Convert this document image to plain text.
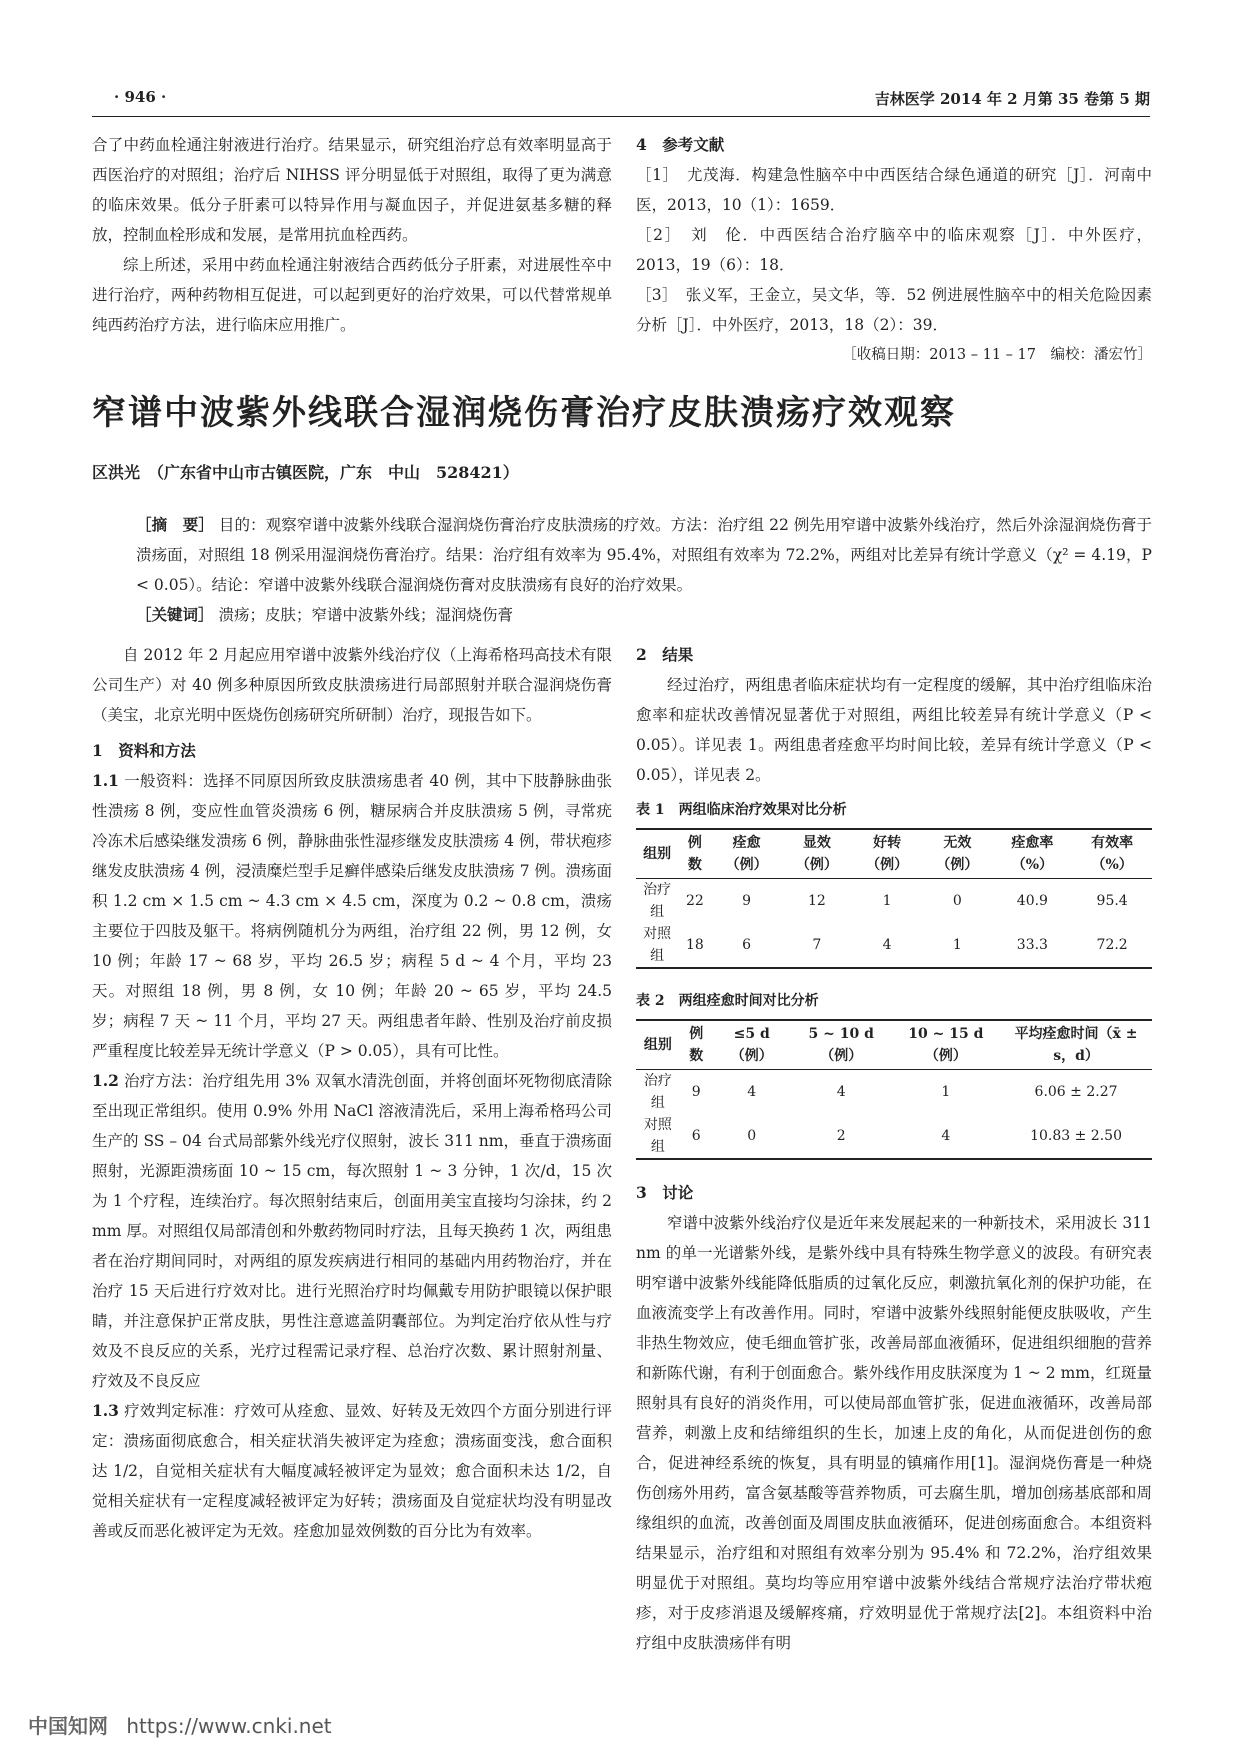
· 946 ·	吉林医学 2014 年 2 月第 35 卷第 5 期

合了中药血栓通注射液进行治疗。结果显示，研究组治疗总有效率明显高于西医治疗的对照组；治疗后 NIHSS 评分明显低于对照组，取得了更为满意的临床效果。低分子肝素可以特异作用与凝血因子，并促进氨基多糖的释放，控制血栓形成和发展，是常用抗血栓西药。

综上所述，采用中药血栓通注射液结合西药低分子肝素，对进展性卒中进行治疗，两种药物相互促进，可以起到更好的治疗效果，可以代替常规单纯西药治疗方法，进行临床应用推广。

4　参考文献

［1］　尤茂海．构建急性脑卒中中西医结合绿色通道的研究［J］．河南中医，2013，10（1）：1659．

［2］　刘　伦．中西医结合治疗脑卒中的临床观察［J］．中外医疗，2013，19（6）：18．

［3］　张义军，王金立，吴文华，等．52 例进展性脑卒中的相关危险因素分析［J］．中外医疗，2013，18（2）：39．

［收稿日期：2013 – 11 – 17　编校：潘宏竹］

窄谱中波紫外线联合湿润烧伤膏治疗皮肤溃疡疗效观察
区洪光　（广东省中山市古镇医院，广东　中山　528421）

［摘　要］ 目的：观察窄谱中波紫外线联合湿润烧伤膏治疗皮肤溃疡的疗效。方法：治疗组 22 例先用窄谱中波紫外线治疗，然后外涂湿润烧伤膏于溃疡面，对照组 18 例采用湿润烧伤膏治疗。结果：治疗组有效率为 95.4%，对照组有效率为 72.2%，两组对比差异有统计学意义（χ² = 4.19，P < 0.05）。结论：窄谱中波紫外线联合湿润烧伤膏对皮肤溃疡有良好的治疗效果。

［关键词］ 溃疡；皮肤；窄谱中波紫外线；湿润烧伤膏

自 2012 年 2 月起应用窄谱中波紫外线治疗仪（上海希格玛高技术有限公司生产）对 40 例多种原因所致皮肤溃疡进行局部照射并联合湿润烧伤膏（美宝，北京光明中医烧伤创疡研究所研制）治疗，现报告如下。

1　资料和方法

1.1 一般资料：选择不同原因所致皮肤溃疡患者 40 例，其中下肢静脉曲张性溃疡 8 例，变应性血管炎溃疡 6 例，糖尿病合并皮肤溃疡 5 例，寻常疣冷冻术后感染继发溃疡 6 例，静脉曲张性湿疹继发皮肤溃疡 4 例，带状疱疹继发皮肤溃疡 4 例，浸渍糜烂型手足癣伴感染后继发皮肤溃疡 7 例。溃疡面积 1.2 cm × 1.5 cm ~ 4.3 cm × 4.5 cm，深度为 0.2 ~ 0.8 cm，溃疡主要位于四肢及躯干。将病例随机分为两组，治疗组 22 例，男 12 例，女 10 例；年龄 17 ~ 68 岁，平均 26.5 岁；病程 5 d ~ 4 个月，平均 23 天。对照组 18 例，男 8 例，女 10 例；年龄 20 ~ 65 岁，平均 24.5 岁；病程 7 天 ~ 11 个月，平均 27 天。两组患者年龄、性别及治疗前皮损严重程度比较差异无统计学意义（P > 0.05），具有可比性。

1.2 治疗方法：治疗组先用 3% 双氧水清洗创面，并将创面坏死物彻底清除至出现正常组织。使用 0.9% 外用 NaCl 溶液清洗后，采用上海希格玛公司生产的 SS – 04 台式局部紫外线光疗仪照射，波长 311 nm，垂直于溃疡面照射，光源距溃疡面 10 ~ 15 cm，每次照射 1 ~ 3 分钟，1 次/d，15 次为 1 个疗程，连续治疗。每次照射结束后，创面用美宝直接均匀涂抹，约 2 mm 厚。对照组仅局部清创和外敷药物同时疗法，且每天换药 1 次，两组患者在治疗期间同时，对两组的原发疾病进行相同的基础内用药物治疗，并在治疗 15 天后进行疗效对比。进行光照治疗时均佩戴专用防护眼镜以保护眼睛，并注意保护正常皮肤，男性注意遮盖阴囊部位。为判定治疗依从性与疗效及不良反应的关系，光疗过程需记录疗程、总治疗次数、累计照射剂量、疗效及不良反应

1.3 疗效判定标准：疗效可从痊愈、显效、好转及无效四个方面分别进行评定：溃疡面彻底愈合，相关症状消失被评定为痊愈；溃疡面变浅，愈合面积达 1/2，自觉相关症状有大幅度减轻被评定为显效；愈合面积未达 1/2，自觉相关症状有一定程度减轻被评定为好转；溃疡面及自觉症状均没有明显改善或反而恶化被评定为无效。痊愈加显效例数的百分比为有效率。

2　结果

经过治疗，两组患者临床症状均有一定程度的缓解，其中治疗组临床治愈率和症状改善情况显著优于对照组，两组比较差异有统计学意义（P < 0.05）。详见表 1。两组患者痊愈平均时间比较，差异有统计学意义（P < 0.05），详见表 2。

表 1　两组临床治疗效果对比分析

组别	例数	痊愈（例）	显效（例）	好转（例）	无效（例）	痊愈率（%）	有效率（%）
治疗组	22	9	12	1	0	40.9	95.4
对照组	18	6	7	4	1	33.3	72.2

表 2　两组痊愈时间对比分析

组别	例数	≤5 d（例）	5 ~ 10 d（例）	10 ~ 15 d（例）	平均痊愈时间（x̄ ± s，d）
治疗组	9	4	4	1	6.06 ± 2.27
对照组	6	0	2	4	10.83 ± 2.50

3　讨论

窄谱中波紫外线治疗仪是近年来发展起来的一种新技术，采用波长 311 nm 的单一光谱紫外线，是紫外线中具有特殊生物学意义的波段。有研究表明窄谱中波紫外线能降低脂质的过氧化反应，刺激抗氧化剂的保护功能，在血液流变学上有改善作用。同时，窄谱中波紫外线照射能便皮肤吸收，产生非热生物效应，使毛细血管扩张，改善局部血液循环，促进组织细胞的营养和新陈代谢，有利于创面愈合。紫外线作用皮肤深度为 1 ~ 2 mm，红斑量照射具有良好的消炎作用，可以使局部血管扩张，促进血液循环，改善局部营养，刺激上皮和结缔组织的生长，加速上皮的角化，从而促进创伤的愈合，促进神经系统的恢复，具有明显的镇痛作用[1]。湿润烧伤膏是一种烧伤创疡外用药，富含氨基酸等营养物质，可去腐生肌，增加创疡基底部和周缘组织的血流，改善创面及周围皮肤血液循环，促进创疡面愈合。本组资料结果显示，治疗组和对照组有效率分别为 95.4% 和 72.2%，治疗组效果明显优于对照组。莫均均等应用窄谱中波紫外线结合常规疗法治疗带状疱疹，对于皮疹消退及缓解疼痛，疗效明显优于常规疗法[2]。本组资料中治疗组中皮肤溃疡伴有明

中国知网 https://www.cnki.net
